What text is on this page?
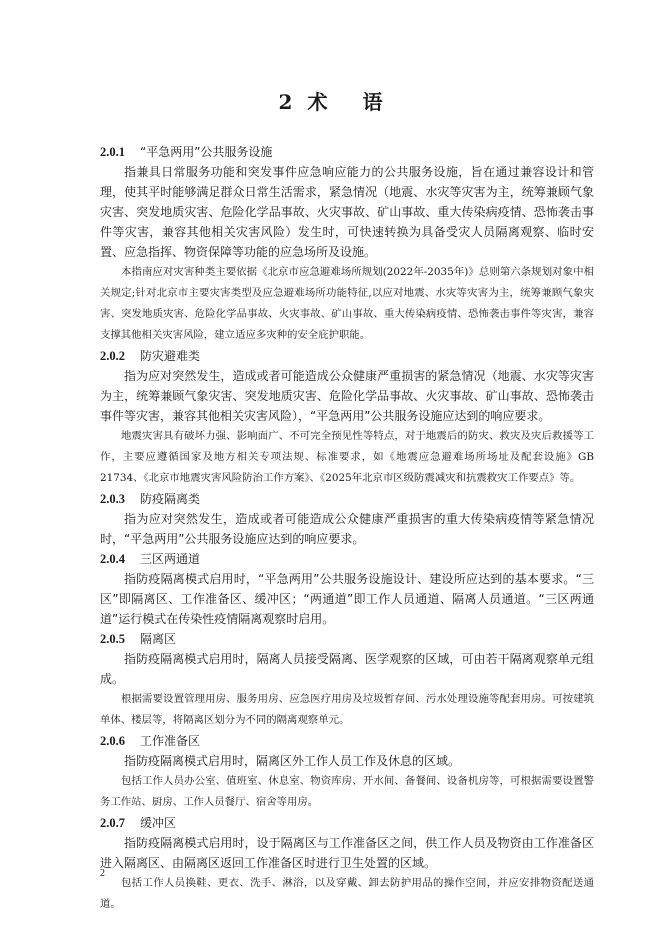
2 术 语
2.0.1 “平急两用”公共服务设施

指兼具日常服务功能和突发事件应急响应能力的公共服务设施，旨在通过兼容设计和管理，使其平时能够满足群众日常生活需求，紧急情况（地震、水灾等灾害为主，统筹兼顾气象灾害、突发地质灾害、危险化学品事故、火灾事故、矿山事故、重大传染病疫情、恐怖袭击事件等灾害，兼容其他相关灾害风险）发生时，可快速转换为具备受灾人员隔离观察、临时安置、应急指挥、物资保障等功能的应急场所及设施。

本指南应对灾害种类主要依据《北京市应急避难场所规划(2022年-2035年)》总则第六条规划对象中相关规定;针对北京市主要灾害类型及应急避难场所功能特征,以应对地震、水灾等灾害为主，统筹兼顾气象灾害、突发地质灾害、危险化学品事故、火灾事故、矿山事故、重大传染病疫情、恐怖袭击事件等灾害，兼容支撑其他相关灾害风险，建立适应多灾种的安全庇护职能。

2.0.2 防灾避难类

指为应对突然发生，造成或者可能造成公众健康严重损害的紧急情况（地震、水灾等灾害为主，统筹兼顾气象灾害、突发地质灾害、危险化学品事故、火灾事故、矿山事故、恐怖袭击事件等灾害，兼容其他相关灾害风险），“平急两用”公共服务设施应达到的响应要求。

地震灾害具有破坏力强、影响面广、不可完全预见性等特点，对于地震后的防灾、救灾及灾后救援等工作，主要应遵循国家及地方相关专项法规、标准要求，如《地震应急避难场所场址及配套设施》GB 21734、《北京市地震灾害风险防治工作方案》、《2025年北京市区级防震减灾和抗震救灾工作要点》等。

2.0.3 防疫隔离类

指为应对突然发生，造成或者可能造成公众健康严重损害的重大传染病疫情等紧急情况时，“平急两用”公共服务设施应达到的响应要求。

2.0.4 三区两通道

指防疫隔离模式启用时，“平急两用”公共服务设施设计、建设所应达到的基本要求。“三区”即隔离区、工作准备区、缓冲区；“两通道”即工作人员通道、隔离人员通道。“三区两通道”运行模式在传染性疫情隔离观察时启用。

2.0.5 隔离区

指防疫隔离模式启用时，隔离人员接受隔离、医学观察的区域，可由若干隔离观察单元组成。

根据需要设置管理用房、服务用房、应急医疗用房及垃圾暂存间、污水处理设施等配套用房。可按建筑单体、楼层等，将隔离区划分为不同的隔离观察单元。

2.0.6 工作准备区

指防疫隔离模式启用时，隔离区外工作人员工作及休息的区域。

包括工作人员办公室、值班室、休息室、物资库房、开水间、备餐间、设备机房等，可根据需要设置警务工作站、厨房、工作人员餐厅、宿舍等用房。

2.0.7 缓冲区

指防疫隔离模式启用时，设于隔离区与工作准备区之间，供工作人员及物资由工作准备区进入隔离区、由隔离区返回工作准备区时进行卫生处置的区域。

包括工作人员换鞋、更衣、洗手、淋浴，以及穿戴、卸去防护用品的操作空间，并应安排物资配送通道。

2
